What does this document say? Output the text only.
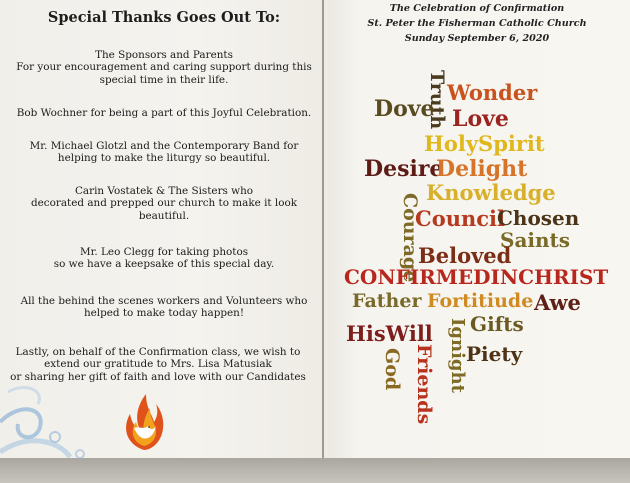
Special Thanks Goes Out To:
The Sponsors and Parents
For your encouragement and caring support during this
special time in their life.
Bob Wochner for being a part of this Joyful Celebration.
Mr. Michael Glotzl and the Contemporary Band for
helping to make the liturgy so beautiful.
Carin Vostatek & The Sisters who
decorated and prepped our church to make it look
beautiful.
Mr. Leo Clegg for taking photos
so we have a keepsake of this special day.
All the behind the scenes workers and Volunteers who
helped to make today happen!
Lastly, on behalf of the Confirmation class, we wish to
extend our gratitude to Mrs. Lisa Matusiak
or sharing her gift of faith and love with our Candidates
The Celebration of Confirmation
St. Peter the Fisherman Catholic Church
Sunday September 6, 2020
Truth Wonder
Dove Love
HolySpirit
Desire
Delight
Knowledge
Courage
Council
Chosen
Saints
Beloved
CONFIRMEDINCHRIST
Father Fortitiude Awe
Gifts
HisWill Ignight
God Friends Piety
